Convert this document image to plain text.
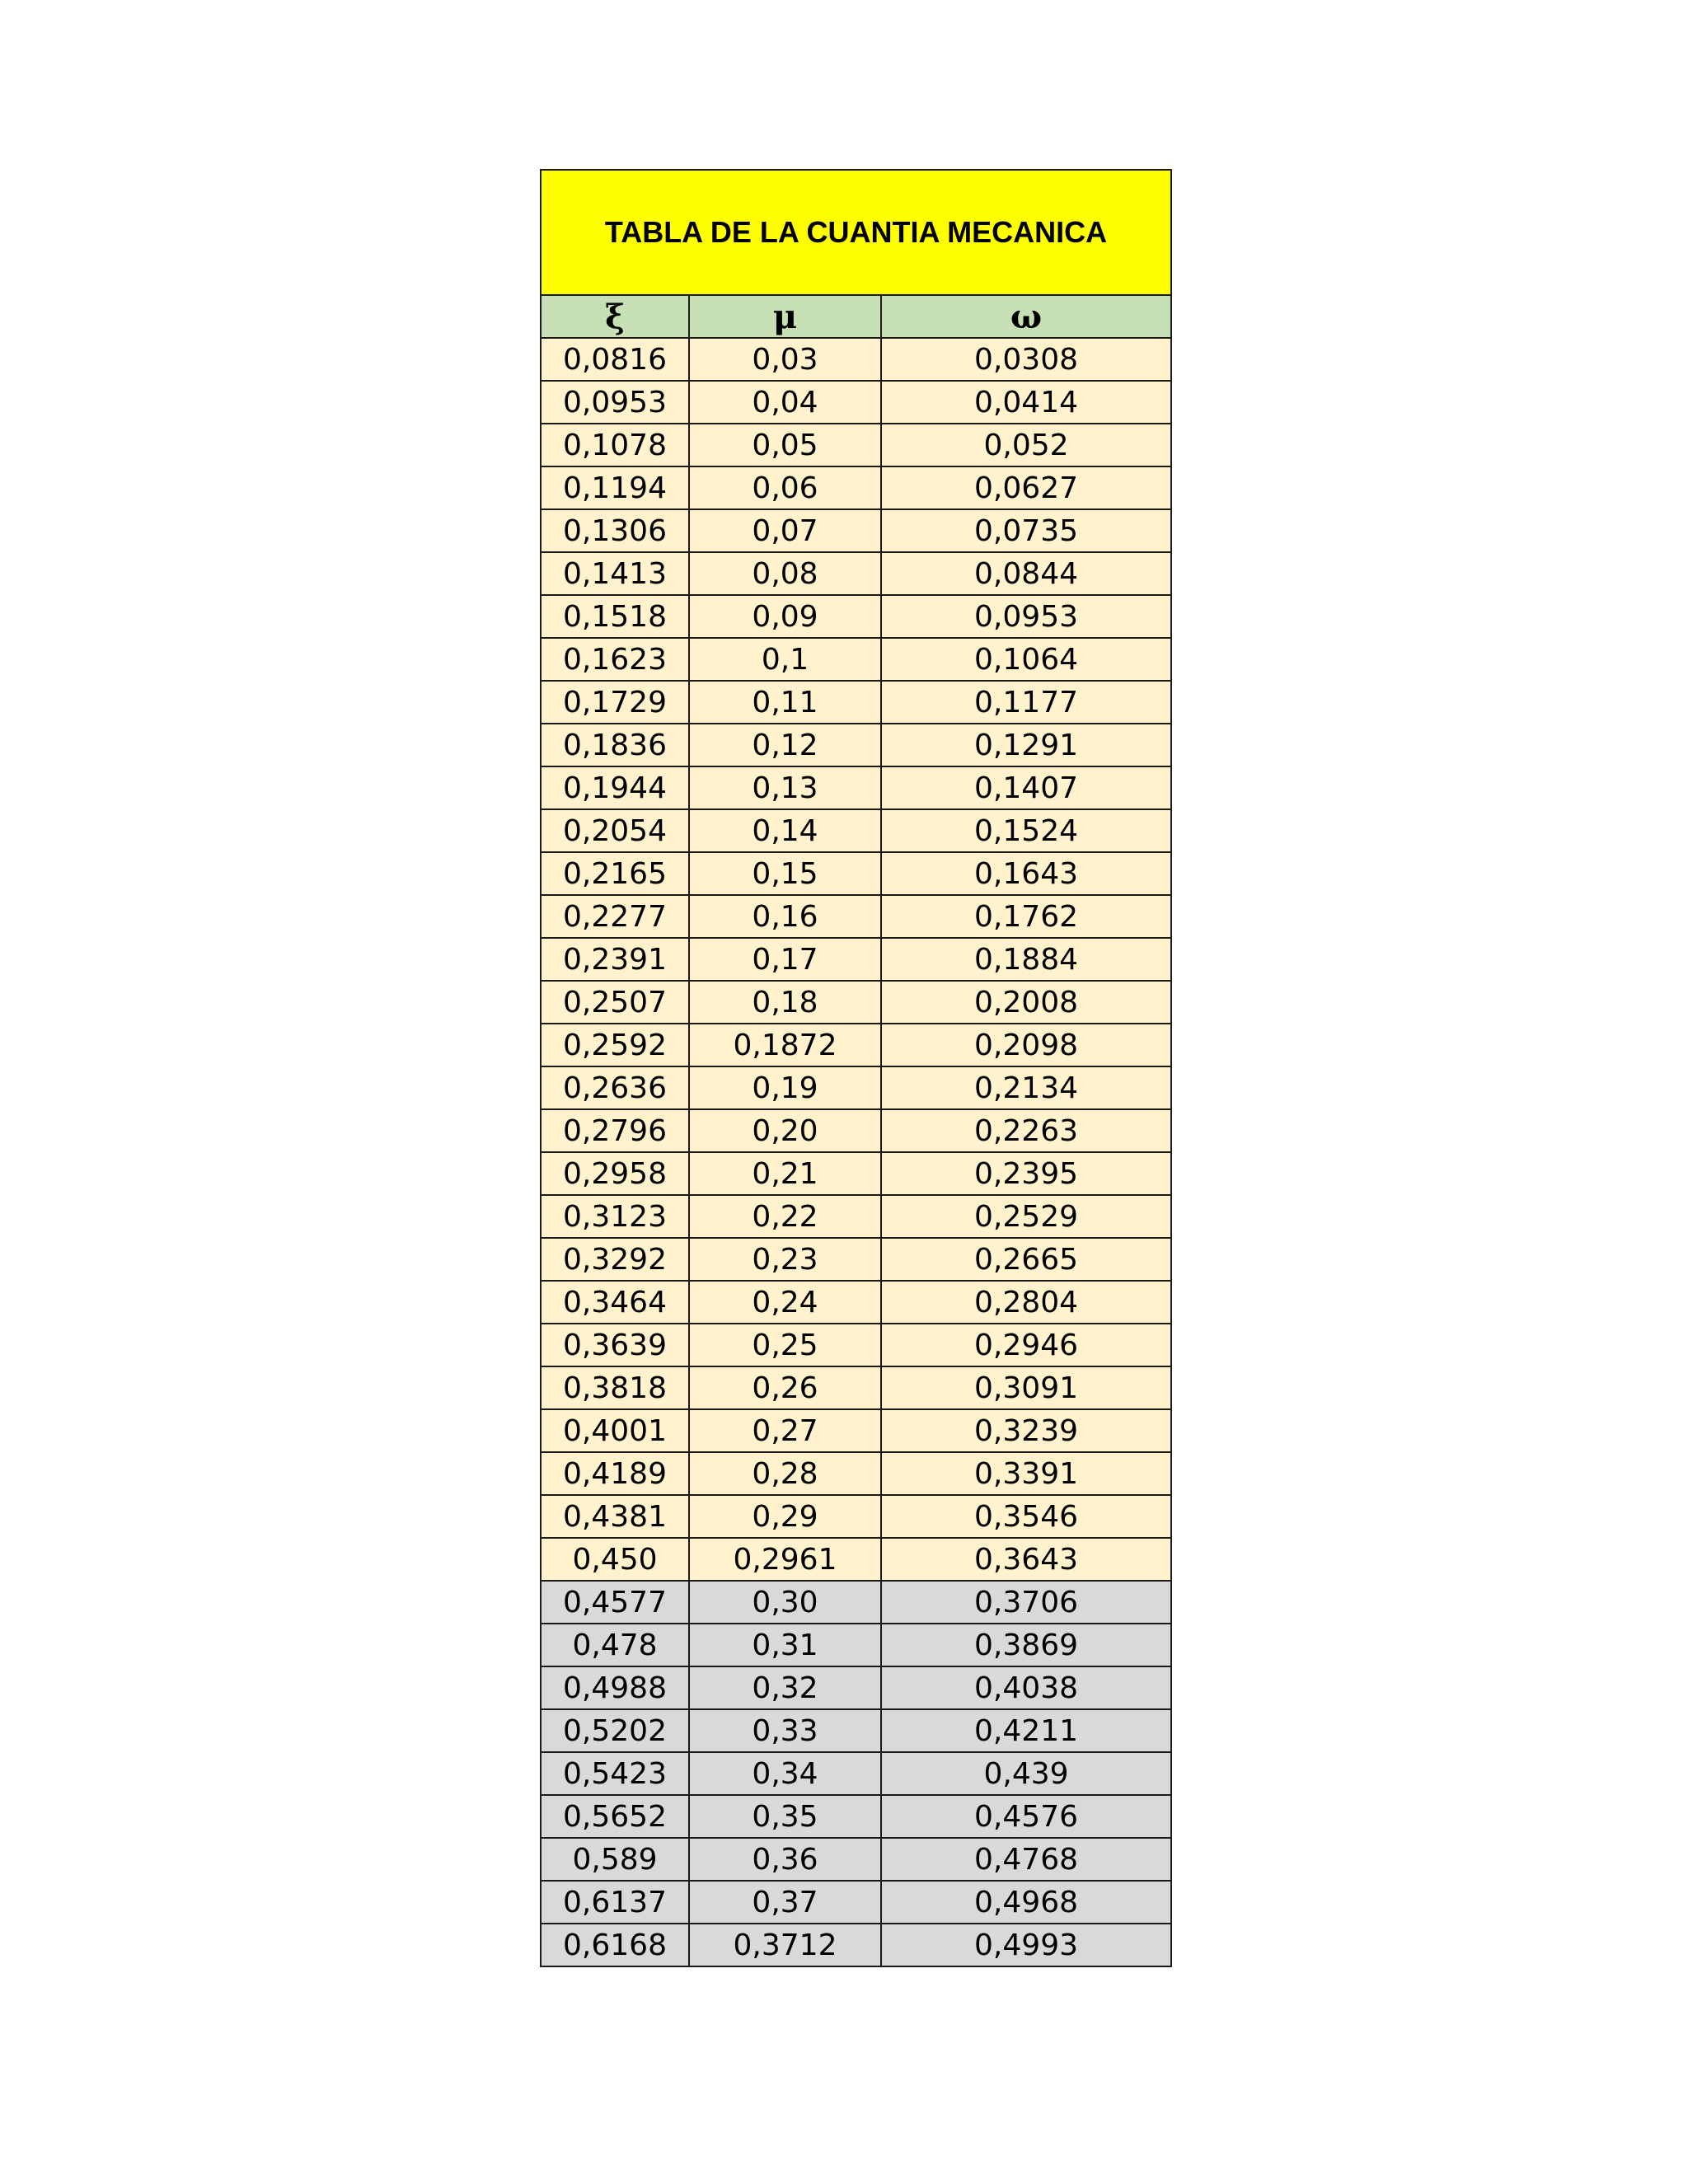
TABLA DE LA CUANTIA MECANICA		
ξ	μ	ω
0,0816	0,03	0,0308
0,0953	0,04	0,0414
0,1078	0,05	0,052
0,1194	0,06	0,0627
0,1306	0,07	0,0735
0,1413	0,08	0,0844
0,1518	0,09	0,0953
0,1623	0,1	0,1064
0,1729	0,11	0,1177
0,1836	0,12	0,1291
0,1944	0,13	0,1407
0,2054	0,14	0,1524
0,2165	0,15	0,1643
0,2277	0,16	0,1762
0,2391	0,17	0,1884
0,2507	0,18	0,2008
0,2592	0,1872	0,2098
0,2636	0,19	0,2134
0,2796	0,20	0,2263
0,2958	0,21	0,2395
0,3123	0,22	0,2529
0,3292	0,23	0,2665
0,3464	0,24	0,2804
0,3639	0,25	0,2946
0,3818	0,26	0,3091
0,4001	0,27	0,3239
0,4189	0,28	0,3391
0,4381	0,29	0,3546
0,450	0,2961	0,3643
0,4577	0,30	0,3706
0,478	0,31	0,3869
0,4988	0,32	0,4038
0,5202	0,33	0,4211
0,5423	0,34	0,439
0,5652	0,35	0,4576
0,589	0,36	0,4768
0,6137	0,37	0,4968
0,6168	0,3712	0,4993
